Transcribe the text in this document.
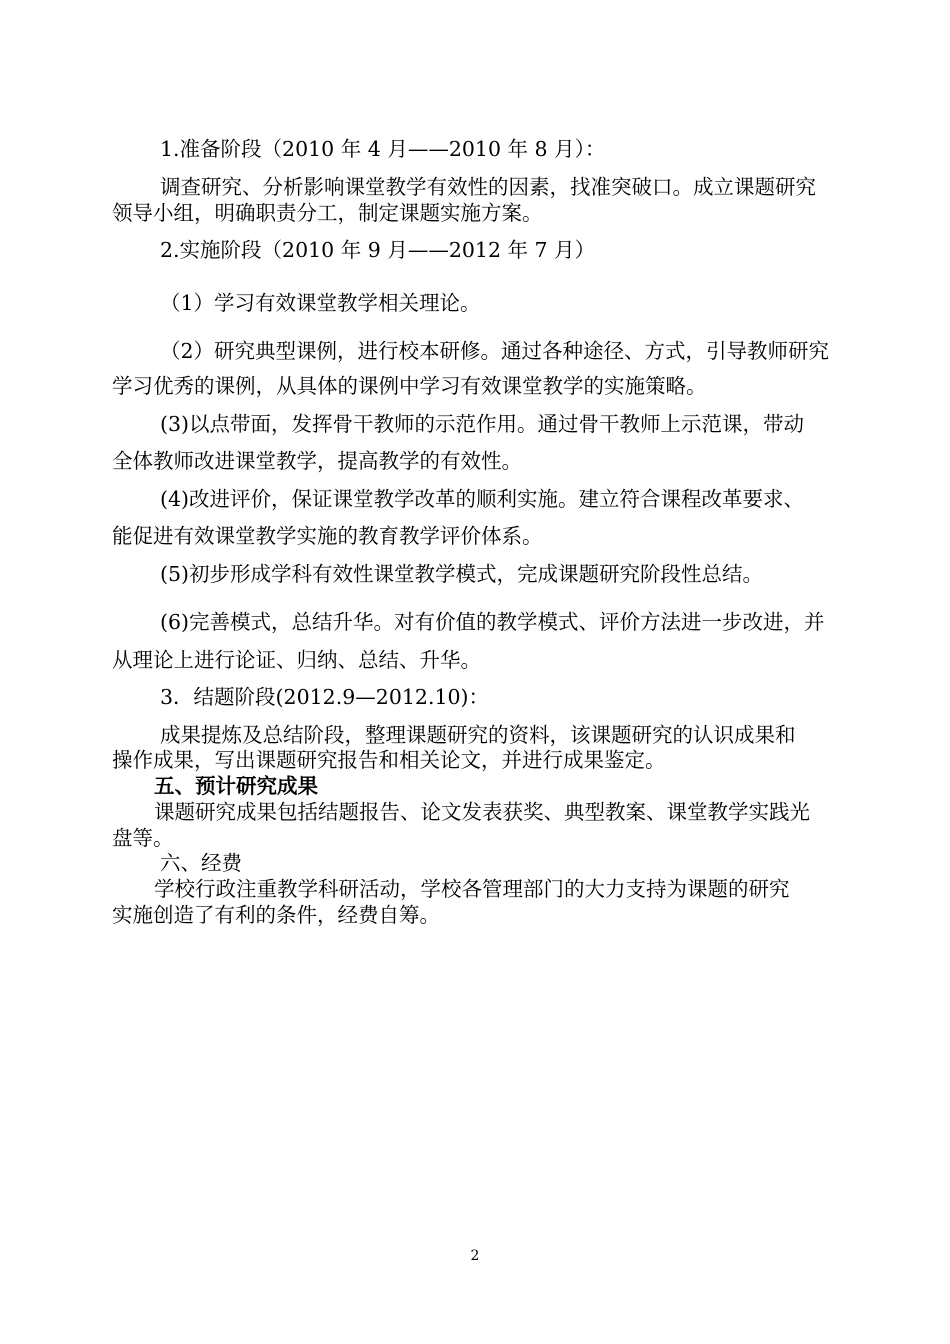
1.准备阶段（2010 年 4 月——2010 年 8 月）：
调查研究、分析影响课堂教学有效性的因素，找准突破口。成立课题研究
领导小组，明确职责分工，制定课题实施方案。
2.实施阶段（2010 年 9 月——2012 年 7 月）
（1）学习有效课堂教学相关理论。
（2）研究典型课例，进行校本研修。通过各种途径、方式，引导教师研究
学习优秀的课例，从具体的课例中学习有效课堂教学的实施策略。
(3)以点带面，发挥骨干教师的示范作用。通过骨干教师上示范课，带动
全体教师改进课堂教学，提高教学的有效性。
(4)改进评价，保证课堂教学改革的顺利实施。建立符合课程改革要求、
能促进有效课堂教学实施的教育教学评价体系。
(5)初步形成学科有效性课堂教学模式，完成课题研究阶段性总结。
(6)完善模式，总结升华。对有价值的教学模式、评价方法进一步改进，并
从理论上进行论证、归纳、总结、升华。
3．结题阶段(2012.9—2012.10)：
成果提炼及总结阶段，整理课题研究的资料，该课题研究的认识成果和
操作成果，写出课题研究报告和相关论文，并进行成果鉴定。
五、预计研究成果
课题研究成果包括结题报告、论文发表获奖、典型教案、课堂教学实践光
盘等。
六、经费
学校行政注重教学科研活动，学校各管理部门的大力支持为课题的研究
实施创造了有利的条件，经费自筹。
2
